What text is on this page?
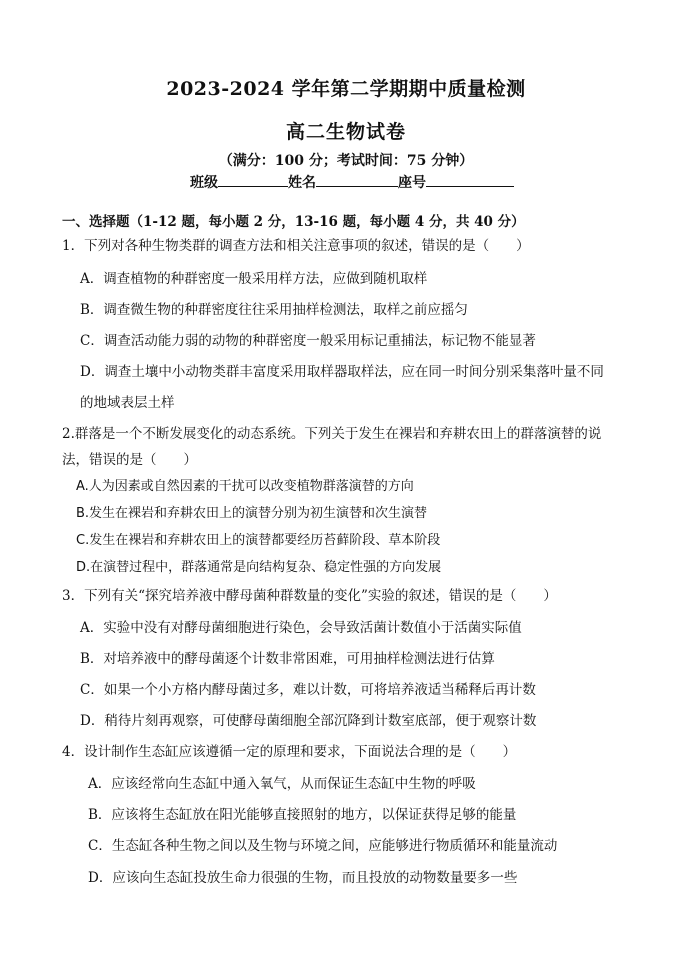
2023-2024 学年第二学期期中质量检测
高二生物试卷
（满分：100 分；考试时间：75 分钟）
班级	姓名	座号
一、选择题（1-12 题，每小题 2 分，13-16 题，每小题 4 分，共 40 分）
1．下列对各种生物类群的调查方法和相关注意事项的叙述，错误的是（　　）
A．调查植物的种群密度一般采用样方法，应做到随机取样
B．调查微生物的种群密度往往采用抽样检测法，取样之前应摇匀
C．调查活动能力弱的动物的种群密度一般采用标记重捕法，标记物不能显著
D．调查土壤中小动物类群丰富度采用取样器取样法，应在同一时间分别采集落叶量不同
的地域表层土样
2.群落是一个不断发展变化的动态系统。下列关于发生在裸岩和弃耕农田上的群落演替的说
法，错误的是（　　）
A.人为因素或自然因素的干扰可以改变植物群落演替的方向
B.发生在裸岩和弃耕农田上的演替分别为初生演替和次生演替
C.发生在裸岩和弃耕农田上的演替都要经历苔藓阶段、草本阶段
D.在演替过程中，群落通常是向结构复杂、稳定性强的方向发展
3．下列有关“探究培养液中酵母菌种群数量的变化”实验的叙述，错误的是（　　）
A．实验中没有对酵母菌细胞进行染色，会导致活菌计数值小于活菌实际值
B．对培养液中的酵母菌逐个计数非常困难，可用抽样检测法进行估算
C．如果一个小方格内酵母菌过多，难以计数，可将培养液适当稀释后再计数
D．稍待片刻再观察，可使酵母菌细胞全部沉降到计数室底部，便于观察计数
4．设计制作生态缸应该遵循一定的原理和要求，下面说法合理的是（　　）
A．应该经常向生态缸中通入氧气，从而保证生态缸中生物的呼吸
B．应该将生态缸放在阳光能够直接照射的地方，以保证获得足够的能量
C．生态缸各种生物之间以及生物与环境之间，应能够进行物质循环和能量流动
D．应该向生态缸投放生命力很强的生物，而且投放的动物数量要多一些
